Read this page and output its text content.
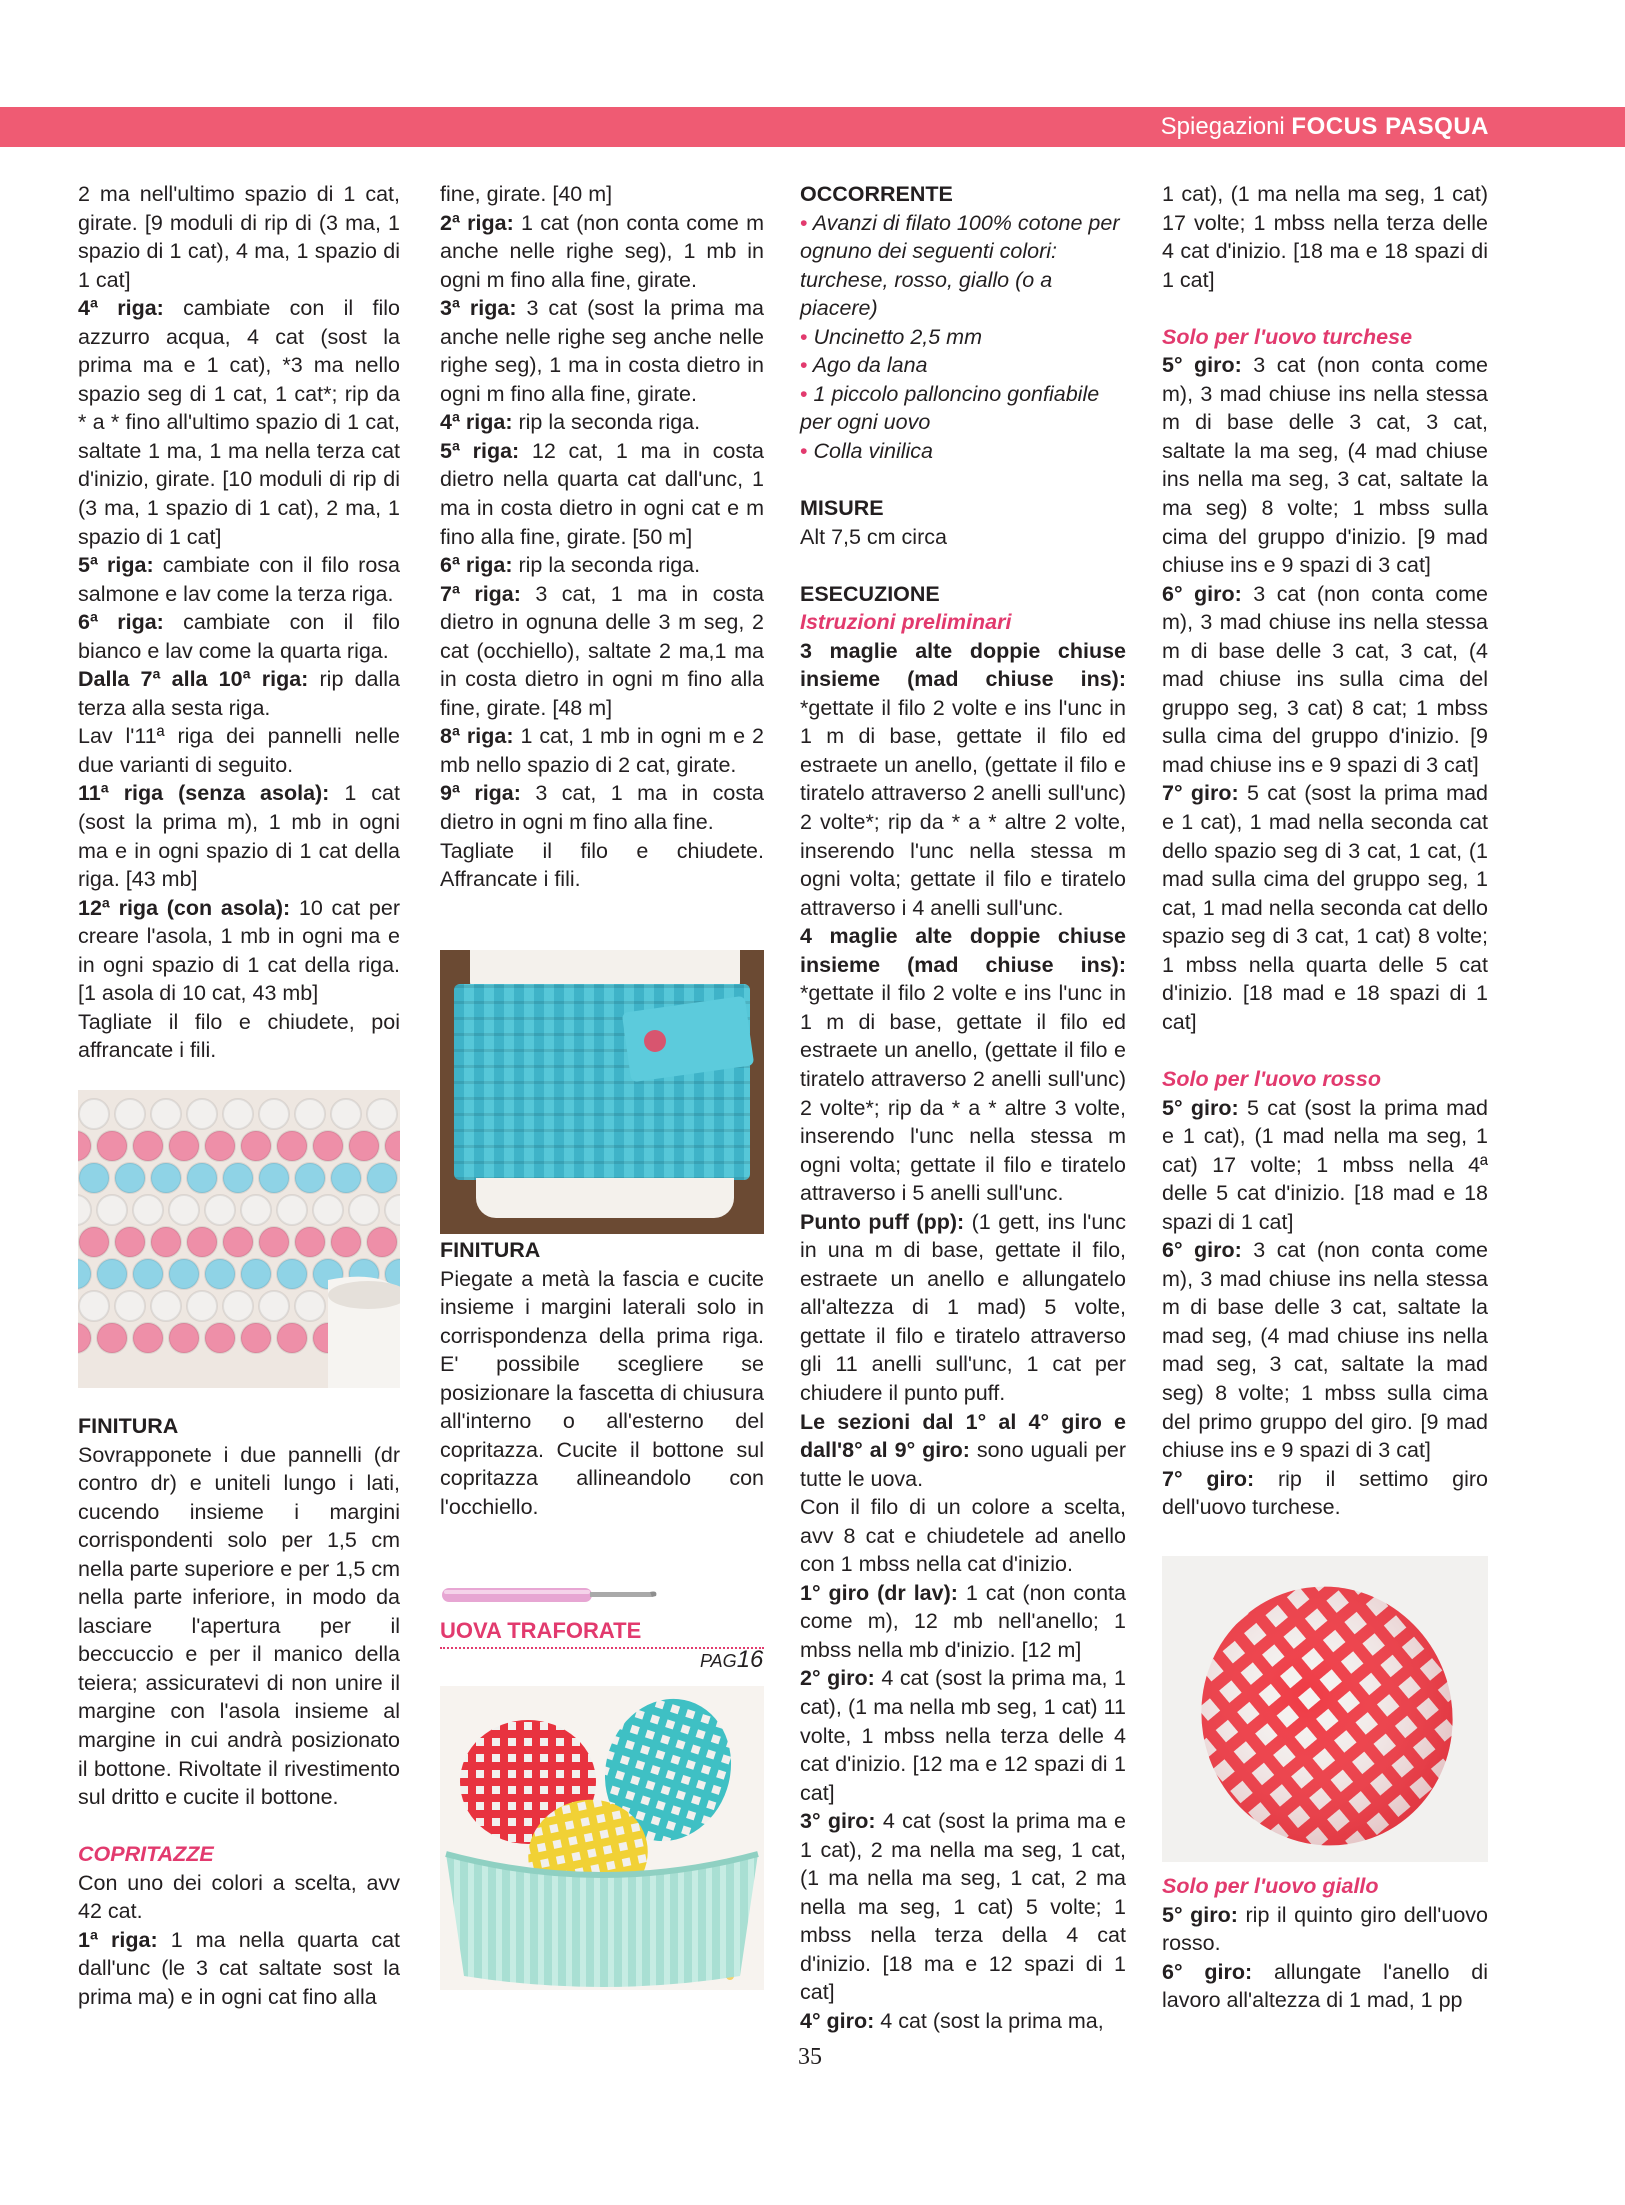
Spiegazioni FOCUS PASQUA

2 ma nell'ultimo spazio di 1 cat, girate. [9 moduli di rip di (3 ma, 1 spazio di 1 cat), 4 ma, 1 spazio di 1 cat]

4ª riga: cambiate con il filo azzurro acqua, 4 cat (sost la prima ma e 1 cat), *3 ma nello spazio seg di 1 cat, 1 cat*; rip da * a * fino all'ultimo spazio di 1 cat, saltate 1 ma, 1 ma nella terza cat d'inizio, girate. [10 moduli di rip di (3 ma, 1 spazio di 1 cat), 2 ma, 1 spazio di 1 cat]

5ª riga: cambiate con il filo rosa salmone e lav come la terza riga.

6ª riga: cambiate con il filo bianco e lav come la quarta riga.

Dalla 7ª alla 10ª riga: rip dalla terza alla sesta riga.

Lav l'11ª riga dei pannelli nelle due varianti di seguito.

11ª riga (senza asola): 1 cat (sost la prima m), 1 mb in ogni ma e in ogni spazio di 1 cat della riga. [43 mb]

12ª riga (con asola): 10 cat per creare l'asola, 1 mb in ogni ma e in ogni spazio di 1 cat della riga. [1 asola di 10 cat, 43 mb]

Tagliate il filo e chiudete, poi affrancate i fili.

FINITURA

Sovrapponete i due pannelli (dr contro dr) e uniteli lungo i lati, cucendo insieme i margini corrispondenti solo per 1,5 cm nella parte superiore e per 1,5 cm nella parte inferiore, in modo da lasciare l'apertura per il beccuccio e per il manico della teiera; assicuratevi di non unire il margine con l'asola insieme al margine in cui andrà posizionato il bottone. Rivoltate il rivestimento sul dritto e cucite il bottone.

COPRITAZZE

Con uno dei colori a scelta, avv 42 cat.

1ª riga: 1 ma nella quarta cat dall'unc (le 3 cat saltate sost la prima ma) e in ogni cat fino alla

fine, girate. [40 m]

2ª riga: 1 cat (non conta come m anche nelle righe seg), 1 mb in ogni m fino alla fine, girate.

3ª riga: 3 cat (sost la prima ma anche nelle righe seg anche nelle righe seg), 1 ma in costa dietro in ogni m fino alla fine, girate.

4ª riga: rip la seconda riga.

5ª riga: 12 cat, 1 ma in costa dietro nella quarta cat dall'unc, 1 ma in costa dietro in ogni cat e m fino alla fine, girate. [50 m]

6ª riga: rip la seconda riga.

7ª riga: 3 cat, 1 ma in costa dietro in ognuna delle 3 m seg, 2 cat (occhiello), saltate 2 ma,1 ma in costa dietro in ogni m fino alla fine, girate. [48 m]

8ª riga: 1 cat, 1 mb in ogni m e 2 mb nello spazio di 2 cat, girate.

9ª riga: 3 cat, 1 ma in costa dietro in ogni m fino alla fine.

Tagliate il filo e chiudete. Affrancate i fili.

FINITURA

Piegate a metà la fascia e cucite insieme i margini laterali solo in corrispondenza della prima riga. E' possibile scegliere se posizionare la fascetta di chiusura all'interno o all'esterno del copritazza. Cucite il bottone sul copritazza allineandolo con l'occhiello.

UOVA TRAFORATE
PAG16

OCCORRENTE

• Avanzi di filato 100% cotone per ognuno dei seguenti colori: turchese, rosso, giallo (o a piacere)

• Uncinetto 2,5 mm

• Ago da lana

• 1 piccolo palloncino gonfiabile per ogni uovo

• Colla vinilica

MISURE

Alt 7,5 cm circa

ESECUZIONE

Istruzioni preliminari

3 maglie alte doppie chiuse insieme (mad chiuse ins): *gettate il filo 2 volte e ins l'unc in 1 m di base, gettate il filo ed estraete un anello, (gettate il filo e tiratelo attraverso 2 anelli sull'unc) 2 volte*; rip da * a * altre 2 volte, inserendo l'unc nella stessa m ogni volta; gettate il filo e tiratelo attraverso i 4 anelli sull'unc.

4 maglie alte doppie chiuse insieme (mad chiuse ins): *gettate il filo 2 volte e ins l'unc in 1 m di base, gettate il filo ed estraete un anello, (gettate il filo e tiratelo attraverso 2 anelli sull'unc) 2 volte*; rip da * a * altre 3 volte, inserendo l'unc nella stessa m ogni volta; gettate il filo e tiratelo attraverso i 5 anelli sull'unc.

Punto puff (pp): (1 gett, ins l'unc in una m di base, gettate il filo, estraete un anello e allungatelo all'altezza di 1 mad) 5 volte, gettate il filo e tiratelo attraverso gli 11 anelli sull'unc, 1 cat per chiudere il punto puff.

Le sezioni dal 1° al 4° giro e dall'8° al 9° giro: sono uguali per tutte le uova.

Con il filo di un colore a scelta, avv 8 cat e chiudetele ad anello con 1 mbss nella cat d'inizio.

1° giro (dr lav): 1 cat (non conta come m), 12 mb nell'anello; 1 mbss nella mb d'inizio. [12 m]

2° giro: 4 cat (sost la prima ma, 1 cat), (1 ma nella mb seg, 1 cat) 11 volte, 1 mbss nella terza delle 4 cat d'inizio. [12 ma e 12 spazi di 1 cat]

3° giro: 4 cat (sost la prima ma e 1 cat), 2 ma nella ma seg, 1 cat, (1 ma nella ma seg, 1 cat, 2 ma nella ma seg, 1 cat) 5 volte; 1 mbss nella terza della 4 cat d'inizio. [18 ma e 12 spazi di 1 cat]

4° giro: 4 cat (sost la prima ma,

1 cat), (1 ma nella ma seg, 1 cat) 17 volte; 1 mbss nella terza delle 4 cat d'inizio. [18 ma e 18 spazi di 1 cat]

Solo per l'uovo turchese

5° giro: 3 cat (non conta come m), 3 mad chiuse ins nella stessa m di base delle 3 cat, 3 cat, saltate la ma seg, (4 mad chiuse ins nella ma seg, 3 cat, saltate la ma seg) 8 volte; 1 mbss sulla cima del gruppo d'inizio. [9 mad chiuse ins e 9 spazi di 3 cat]

6° giro: 3 cat (non conta come m), 3 mad chiuse ins nella stessa m di base delle 3 cat, 3 cat, (4 mad chiuse ins sulla cima del gruppo seg, 3 cat) 8 cat; 1 mbss sulla cima del gruppo d'inizio. [9 mad chiuse ins e 9 spazi di 3 cat]

7° giro: 5 cat (sost la prima mad e 1 cat), 1 mad nella seconda cat dello spazio seg di 3 cat, 1 cat, (1 mad sulla cima del gruppo seg, 1 cat, 1 mad nella seconda cat dello spazio seg di 3 cat, 1 cat) 8 volte; 1 mbss nella quarta delle 5 cat d'inizio. [18 mad e 18 spazi di 1 cat]

Solo per l'uovo rosso

5° giro: 5 cat (sost la prima mad e 1 cat), (1 mad nella ma seg, 1 cat) 17 volte; 1 mbss nella 4ª delle 5 cat d'inizio. [18 mad e 18 spazi di 1 cat]

6° giro: 3 cat (non conta come m), 3 mad chiuse ins nella stessa m di base delle 3 cat, saltate la mad seg, (4 mad chiuse ins nella mad seg, 3 cat, saltate la mad seg) 8 volte; 1 mbss sulla cima del primo gruppo del giro. [9 mad chiuse ins e 9 spazi di 3 cat]

7° giro: rip il settimo giro dell'uovo turchese.

Solo per l'uovo giallo

5° giro: rip il quinto giro dell'uovo rosso.

6° giro: allungate l'anello di lavoro all'altezza di 1 mad, 1 pp

35
